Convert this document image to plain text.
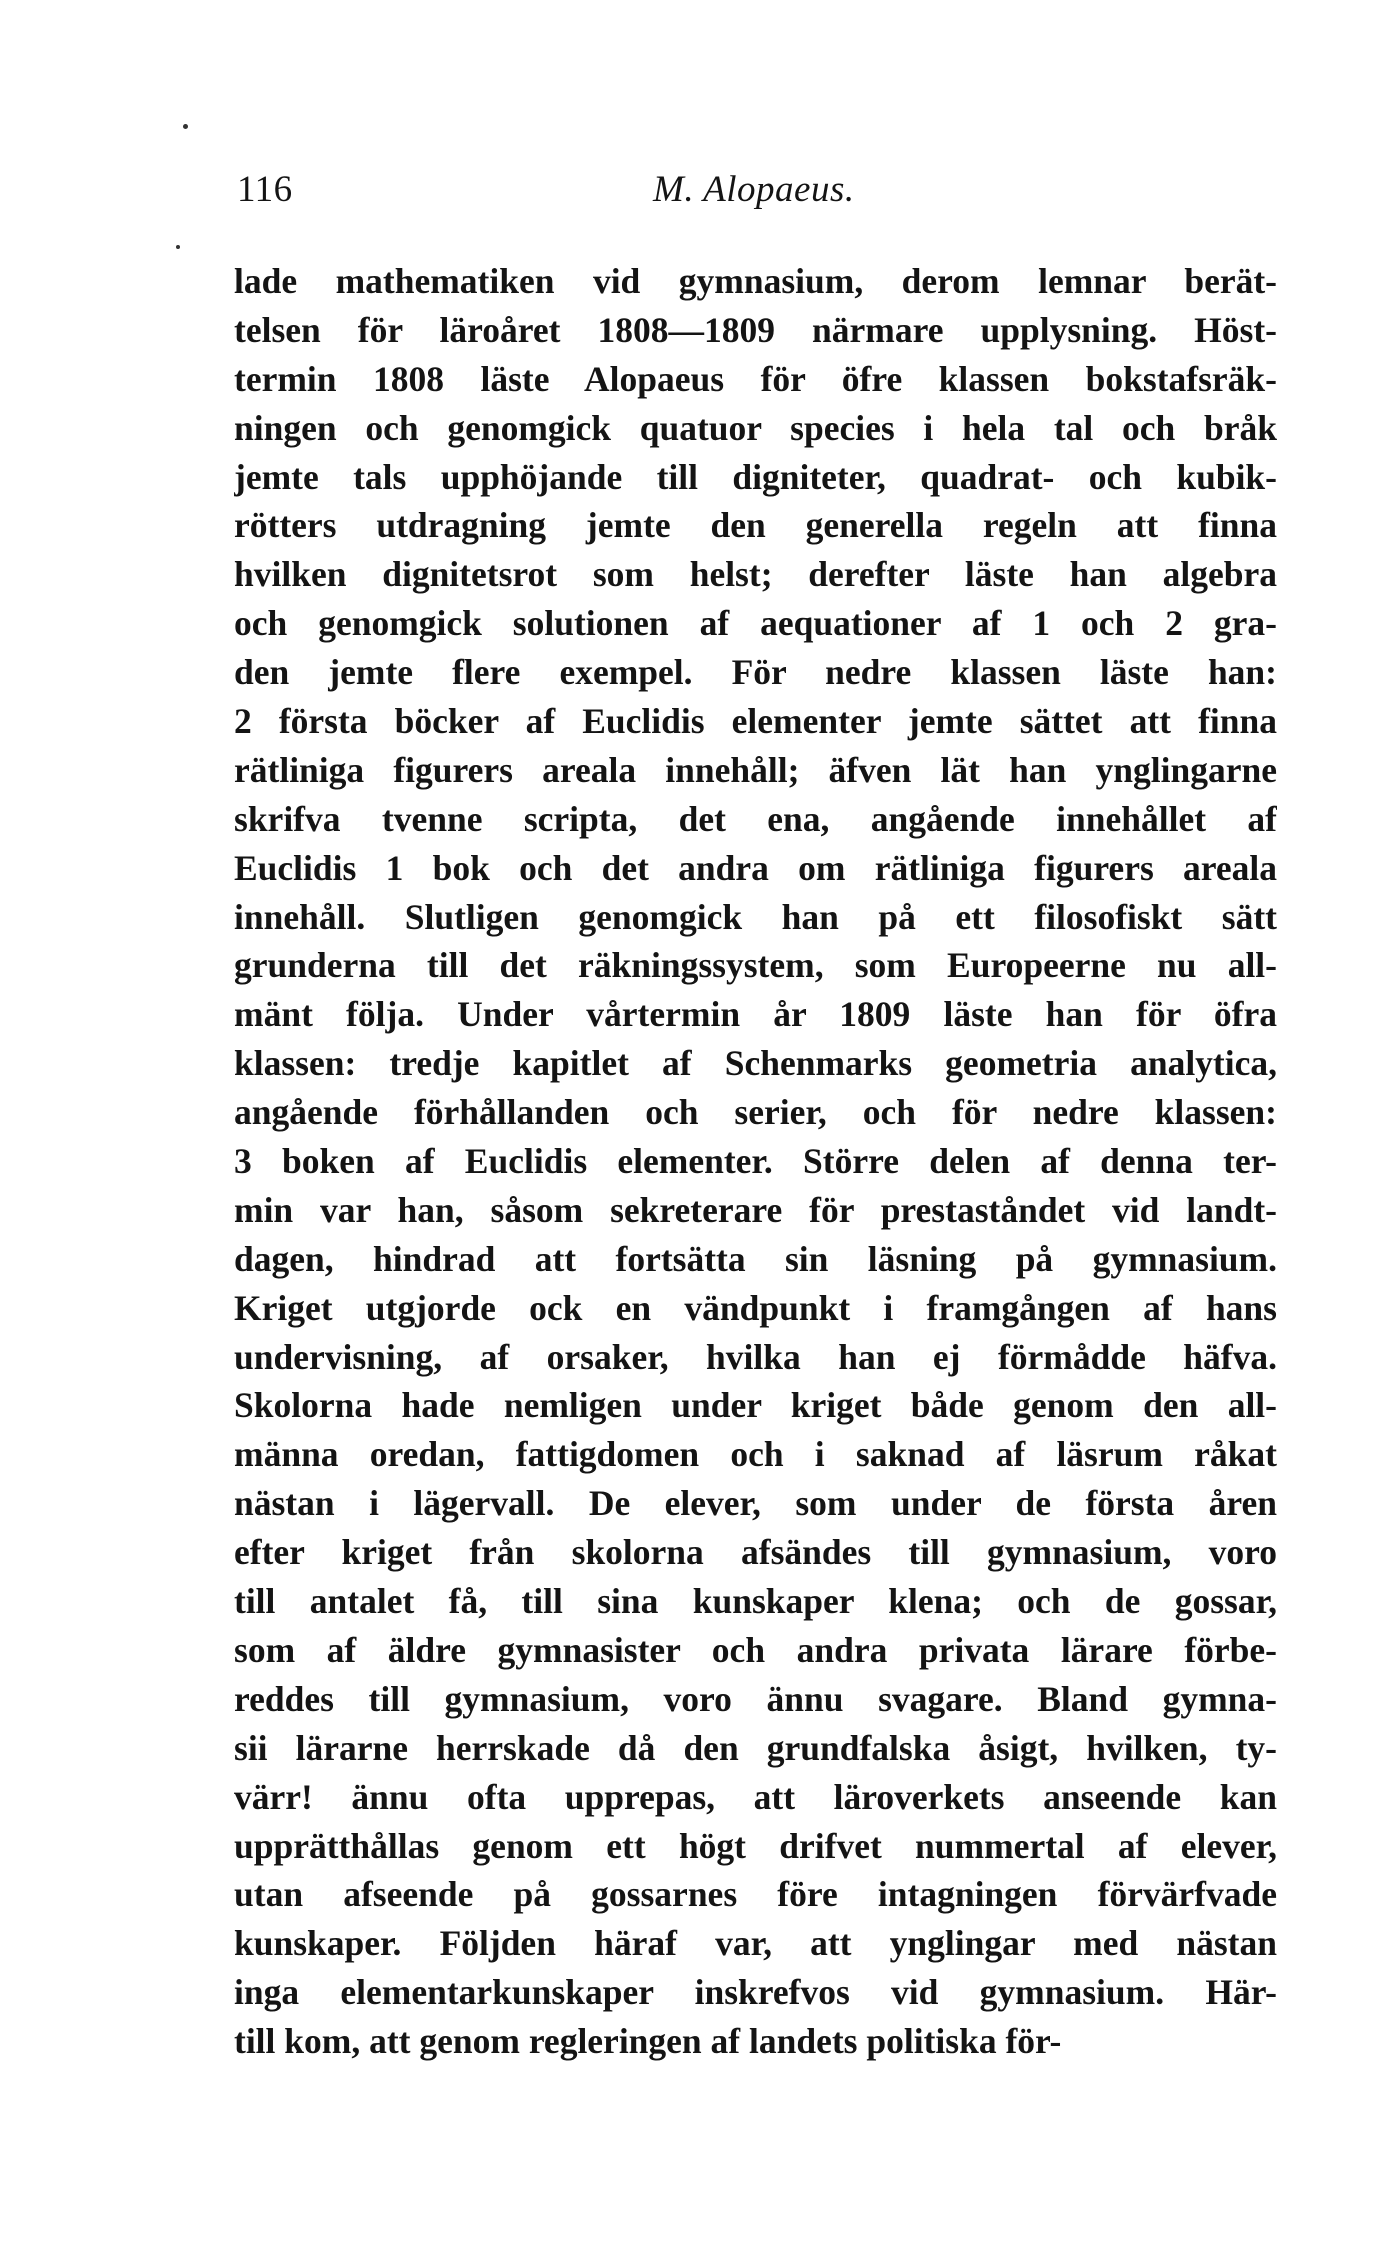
116	M. Alopaeus.
lade mathematiken vid gymnasium, derom lemnar berät-
telsen för läroåret 1808—1809 närmare upplysning. Höst-
termin 1808 läste Alopaeus för öfre klassen bokstafsräk-
ningen och genomgick quatuor species i hela tal och bråk
jemte tals upphöjande till digniteter, quadrat- och kubik-
rötters utdragning jemte den generella regeln att finna
hvilken dignitetsrot som helst; derefter läste han algebra
och genomgick solutionen af aequationer af 1 och 2 gra-
den jemte flere exempel. För nedre klassen läste han:
2 första böcker af Euclidis elementer jemte sättet att finna
rätliniga figurers areala innehåll; äfven lät han ynglingarne
skrifva tvenne scripta, det ena, angående innehållet af
Euclidis 1 bok och det andra om rätliniga figurers areala
innehåll. Slutligen genomgick han på ett filosofiskt sätt
grunderna till det räkningssystem, som Europeerne nu all-
mänt följa. Under vårtermin år 1809 läste han för öfra
klassen: tredje kapitlet af Schenmarks geometria analytica,
angående förhållanden och serier, och för nedre klassen:
3 boken af Euclidis elementer. Större delen af denna ter-
min var han, såsom sekreterare för prestaståndet vid landt-
dagen, hindrad att fortsätta sin läsning på gymnasium.
Kriget utgjorde ock en vändpunkt i framgången af hans
undervisning, af orsaker, hvilka han ej förmådde häfva.
Skolorna hade nemligen under kriget både genom den all-
männa oredan, fattigdomen och i saknad af läsrum råkat
nästan i lägervall. De elever, som under de första åren
efter kriget från skolorna afsändes till gymnasium, voro
till antalet få, till sina kunskaper klena; och de gossar,
som af äldre gymnasister och andra privata lärare förbe-
reddes till gymnasium, voro ännu svagare. Bland gymna-
sii lärarne herrskade då den grundfalska åsigt, hvilken, ty-
värr! ännu ofta upprepas, att läroverkets anseende kan
upprätthållas genom ett högt drifvet nummertal af elever,
utan afseende på gossarnes före intagningen förvärfvade
kunskaper. Följden häraf var, att ynglingar med nästan
inga elementarkunskaper inskrefvos vid gymnasium. Här-
till kom, att genom regleringen af landets politiska för-
